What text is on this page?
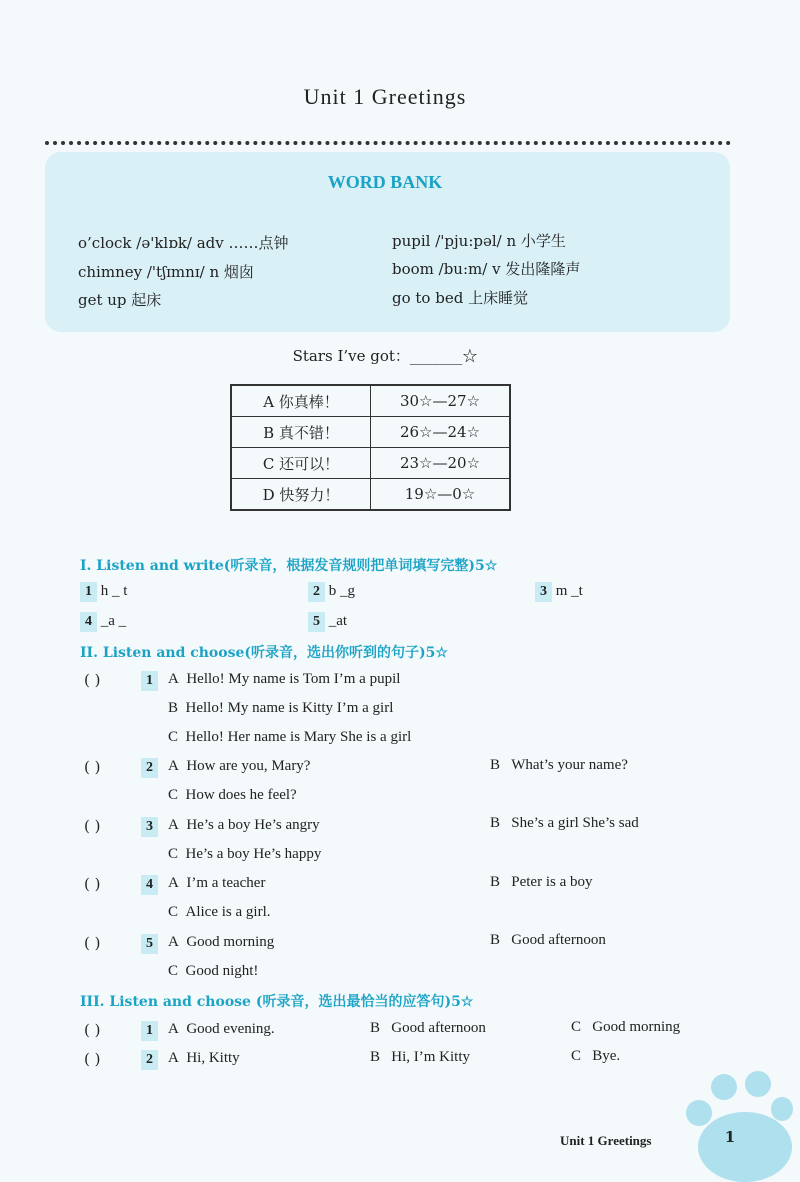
Unit 1 Greetings
WORD BANK
o’clock /ə'klɒk/ adv ……点钟	pupil /'pju:pəl/ n 小学生
chimney /'tʃɪmnɪ/ n 烟囱	boom /bu:m/ v 发出隆隆声
get up 起床	go to bed 上床睡觉
Stars I’ve got：_______☆
A 你真棒！	30☆—27☆
B 真不错！	26☆—24☆
C 还可以！	23☆—20☆
D 快努力！	19☆—0☆
I. Listen and write(听录音，根据发音规则把单词填写完整)5☆
1 h _ t	2 b _g	3 m _t
4 _a _	5 _at
II. Listen and choose(听录音，选出你听到的句子)5☆
( )	1	A Hello! My name is Tom I’m a pupil
B Hello! My name is Kitty I’m a girl
C Hello! Her name is Mary She is a girl
( )	2	A How are you, Mary?	B What’s your name?
C How does he feel?
( )	3	A He’s a boy He’s angry	B She’s a girl She’s sad
C He’s a boy He’s happy
( )	4	A I’m a teacher	B Peter is a boy
C Alice is a girl.
( )	5	A Good morning	B Good afternoon
C Good night!
III. Listen and choose (听录音，选出最恰当的应答句)5☆
( )	1	A Good evening.	B Good afternoon	C Good morning
( )	2	A Hi, Kitty	B Hi, I’m Kitty	C Bye.
Unit 1 Greetings	1
